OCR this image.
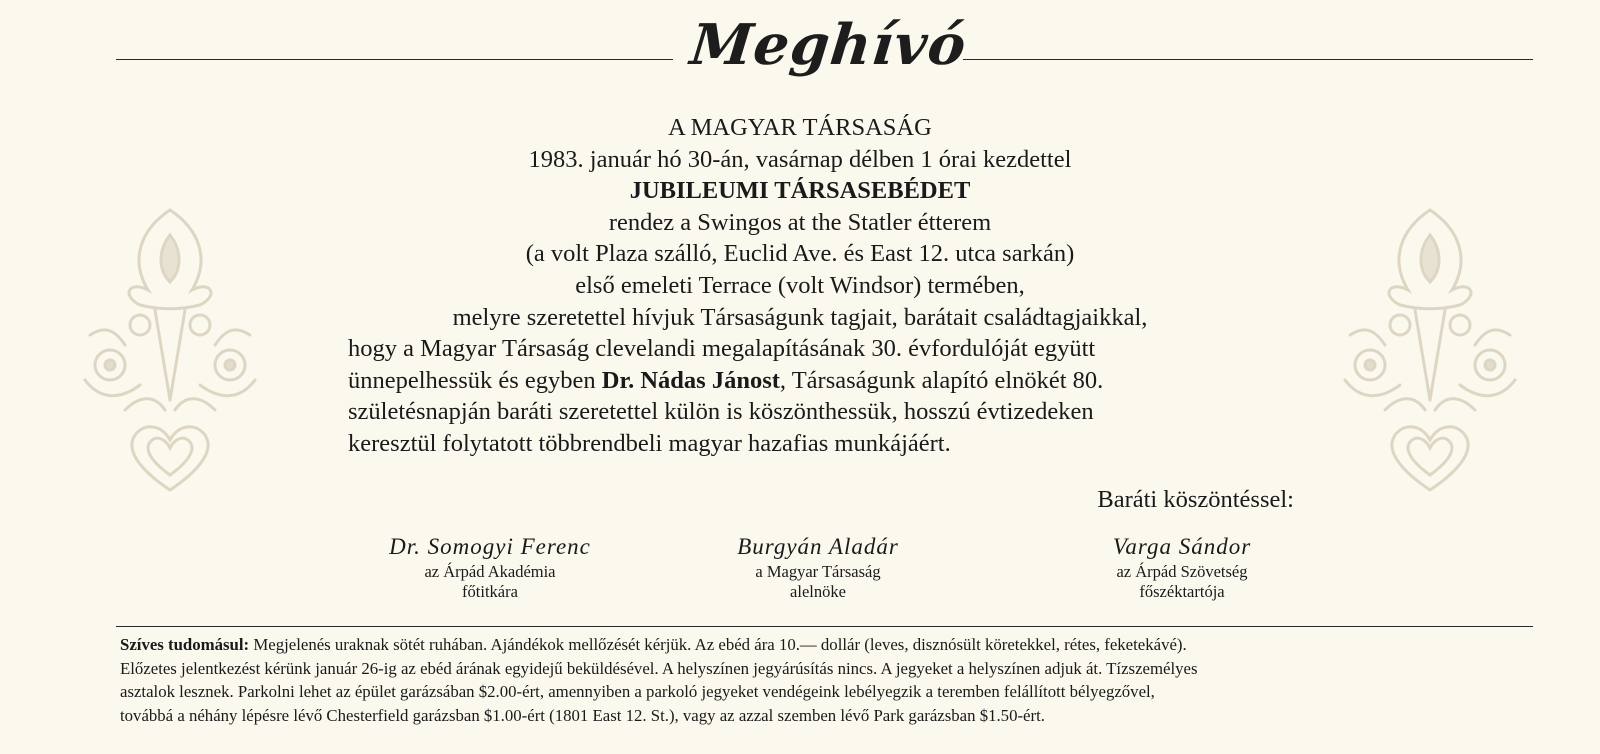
Meghívó
A MAGYAR TÁRSASÁG
1983. január hó 30-án, vasárnap délben 1 órai kezdettel
JUBILEUMI TÁRSASEBÉDET
rendez a Swingos at the Statler étterem
(a volt Plaza szálló, Euclid Ave. és East 12. utca sarkán)
első emeleti Terrace (volt Windsor) termében,
melyre szeretettel hívjuk Társaságunk tagjait, barátait családtagjaikkal,
hogy a Magyar Társaság clevelandi megalapításának 30. évfordulóját együtt
ünnepelhessük és egyben Dr. Nádas Jánost, Társaságunk alapító elnökét 80.
születésnapján baráti szeretettel külön is köszönthessük, hosszú évtizedeken
keresztül folytatott többrendbeli magyar hazafias munkájáért.
Baráti köszöntéssel:
Dr. Somogyi Ferenc
az Árpád Akadémia
főtitkára
Burgyán Aladár
a Magyar Társaság
alelnöke
Varga Sándor
az Árpád Szövetség
főszéktartója
Szíves tudomásul: Megjelenés uraknak sötét ruhában. Ajándékok mellőzését kérjük. Az ebéd ára 10.— dollár (leves, disznósült köretekkel, rétes, feketekávé).
Előzetes jelentkezést kérünk január 26-ig az ebéd árának egyidejű beküldésével. A helyszínen jegyárúsítás nincs. A jegyeket a helyszínen adjuk át. Tízszemélyes
asztalok lesznek. Parkolni lehet az épület garázsában $2.00-ért, amennyiben a parkoló jegyeket vendégeink lebélyegzik a teremben felállított bélyegzővel,
továbbá a néhány lépésre lévő Chesterfield garázsban $1.00-ért (1801 East 12. St.), vagy az azzal szemben lévő Park garázsban $1.50-ért.
